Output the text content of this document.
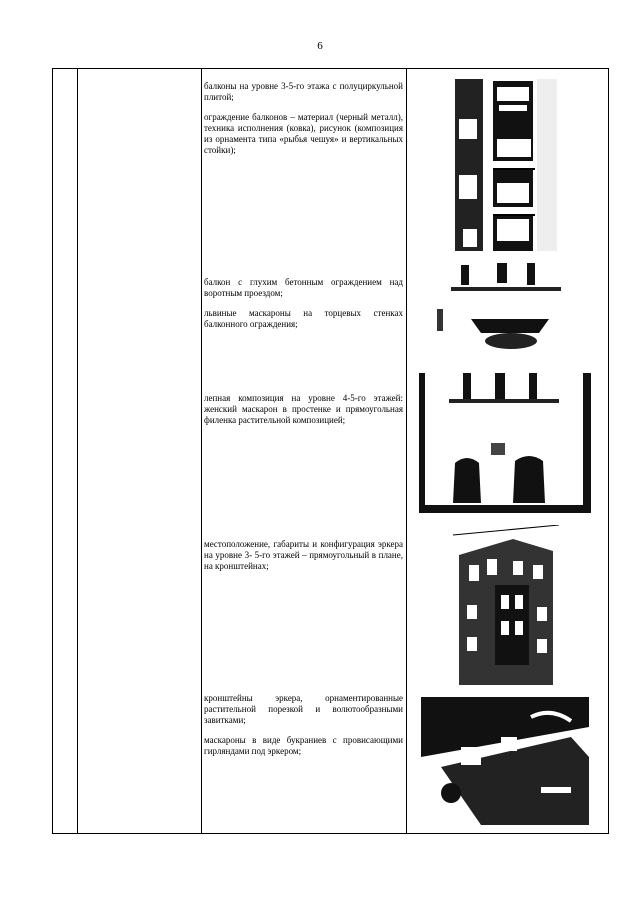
6

балконы на уровне 3-5-го этажа с полуциркульной плитой;

ограждение балконов – материал (черный металл), техника исполнения (ковка), рисунок (композиция из орнамента типа «рыбья чешуя» и вертикальных стойки);

балкон с глухим бетонным ограждением над воротным проездом;

львиные маскароны на торцевых стенках балконного ограждения;

лепная композиция на уровне 4-5-го этажей: женский маскарон в простенке и прямоугольная филенка растительной композицией;

местоположение, габариты и конфигурация эркера на уровне 3- 5-го этажей – прямоугольный в плане, на кронштейнах;

кронштейны эркера, орнаментированные растительной порезкой и волютообразными завитками;

маскароны в виде букраниев с провисающими гирляндами под эркером;
